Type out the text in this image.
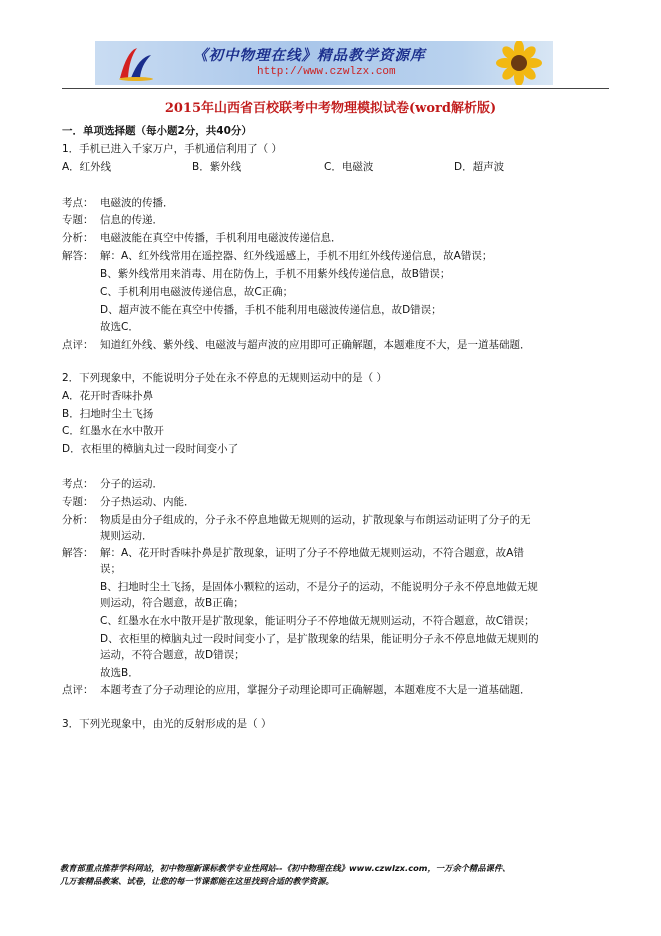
《初中物理在线》精品教学资源库
http://www.czwlzx.com
2015年山西省百校联考中考物理模拟试卷(word解析版)
一．单项选择题（每小题2分，共40分）
1．手机已进入千家万户，手机通信利用了（ ）
A．红外线	B．紫外线	C．电磁波	D．超声波
考点： 电磁波的传播．
专题： 信息的传递．
分析： 电磁波能在真空中传播，手机利用电磁波传递信息．
解答： 解：A、红外线常用在遥控器、红外线遥感上，手机不用红外线传递信息，故A错误；
B、紫外线常用来消毒、用在防伪上，手机不用紫外线传递信息，故B错误；
C、手机利用电磁波传递信息，故C正确；
D、超声波不能在真空中传播，手机不能利用电磁波传递信息，故D错误；
故选C．
点评： 知道红外线、紫外线、电磁波与超声波的应用即可正确解题，本题难度不大，是一道基础题．
2．下列现象中，不能说明分子处在永不停息的无规则运动中的是（ ）
A．花开时香味扑鼻
B．扫地时尘土飞扬
C．红墨水在水中散开
D．衣柜里的樟脑丸过一段时间变小了
考点： 分子的运动．
专题： 分子热运动、内能．
分析： 物质是由分子组成的，分子永不停息地做无规则的运动，扩散现象与布朗运动证明了分子的无
规则运动．
解答： 解：A、花开时香味扑鼻是扩散现象，证明了分子不停地做无规则运动，不符合题意，故A错
误；
B、扫地时尘土飞扬，是固体小颗粒的运动，不是分子的运动，不能说明分子永不停息地做无规
则运动，符合题意，故B正确；
C、红墨水在水中散开是扩散现象，能证明分子不停地做无规则运动，不符合题意，故C错误；
D、衣柜里的樟脑丸过一段时间变小了，是扩散现象的结果，能证明分子永不停息地做无规则的
运动，不符合题意，故D错误；
故选B．
点评： 本题考查了分子动理论的应用，掌握分子动理论即可正确解题，本题难度不大是一道基础题．
3．下列光现象中，由光的反射形成的是（ ）
教育部重点推荐学科网站，初中物理新课标教学专业性网站--《初中物理在线》www.czwlzx.com，一万余个精品课件、
几万套精品教案、试卷，让您的每一节课都能在这里找到合适的教学资源。
